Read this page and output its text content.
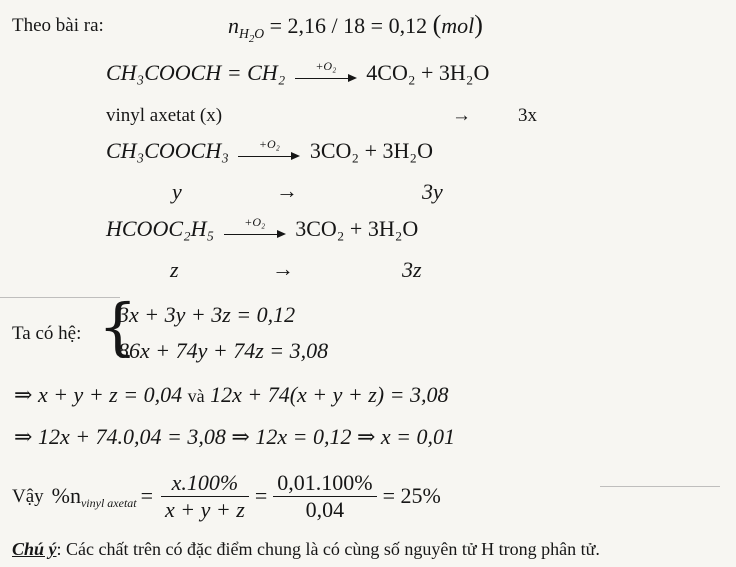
Theo bài ra:	$n_{H_2O} = 2,16 / 18 = 0,12$ (mol)
CH₃COOCH = CH₂	+O₂	4CO₂ + 3H₂O
vinyl axetat (x)	→ 3x
CH₃COOCH₃	+O₂	3CO₂ + 3H₂O
y	→	3y
HCOOC₂H₅	+O₂	3CO₂ + 3H₂O
z	→	3z
Ta có hệ: {
3x + 3y + 3z = 0,12
86x + 74y + 74z = 3,08
⇒ x + y + z = 0,04 và 12x + 74(x + y + z) = 3,08
⇒ 12x + 74.0,04 = 3,08 ⇒ 12x = 0,12 ⇒ x = 0,01
Vậy $\%n_{vinyl axetat} = \frac{x.100\%}{x + y + z} = \frac{0,01.100\%}{0,04} = 25\%$
Chú ý: Các chất trên có đặc điểm chung là có cùng số nguyên tử H trong phân tử.
